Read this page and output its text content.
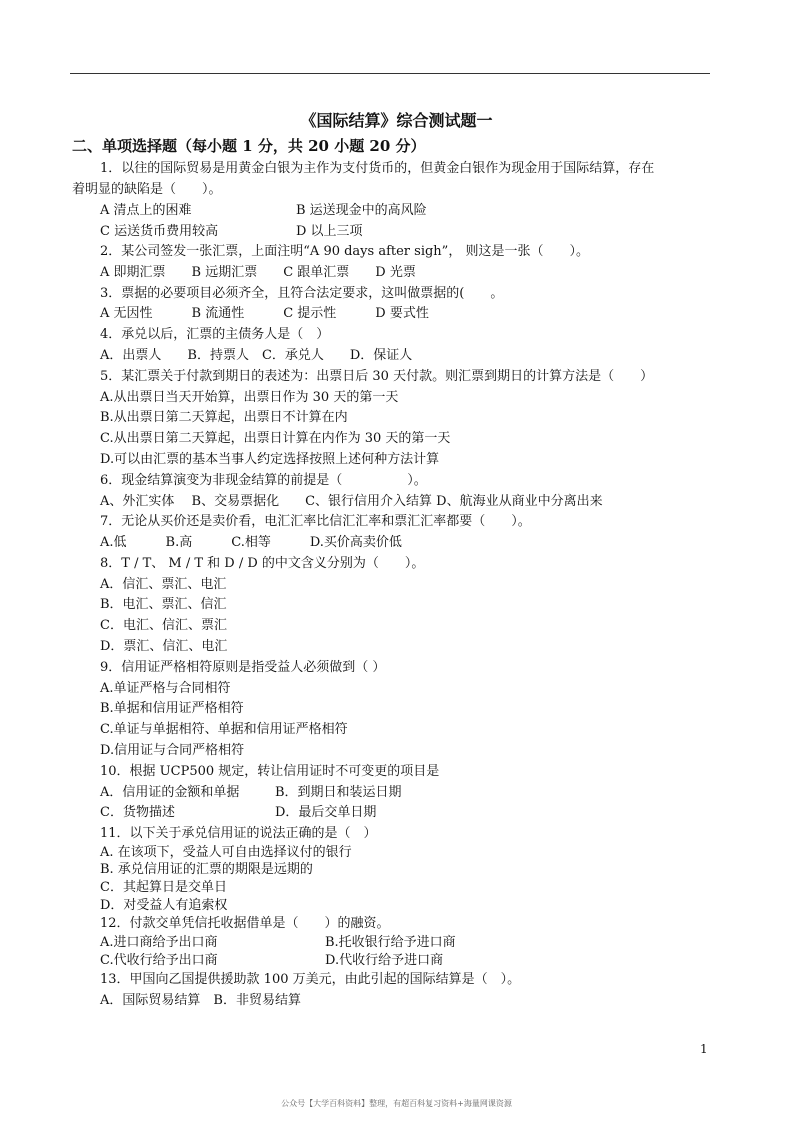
《国际结算》综合测试题一
二、单项选择题（每小题 1 分，共 20 小题 20 分）
1．以往的国际贸易是用黄金白银为主作为支付货币的，但黄金白银作为现金用于国际结算，存在
着明显的缺陷是（　　）。
A 清点上的困难	B 运送现金中的高风险
C 运送货币费用较高	D 以上三项
2．某公司签发一张汇票，上面注明“A 90 days after sigh”， 则这是一张（　　）。
A 即期汇票　　B 远期汇票　　C 跟单汇票　　D 光票
3．票据的必要项目必须齐全，且符合法定要求，这叫做票据的(　　。
A 无因性　　　B 流通性　　　C 提示性　　　D 要式性
4．承兑以后，汇票的主债务人是（　）
A．出票人　　B．持票人　C．承兑人　　D．保证人
5．某汇票关于付款到期日的表述为：出票日后 30 天付款。则汇票到期日的计算方法是（　　）
A.从出票日当天开始算，出票日作为 30 天的第一天
B.从出票日第二天算起，出票日不计算在内
C.从出票日第二天算起，出票日计算在内作为 30 天的第一天
D.可以由汇票的基本当事人约定选择按照上述何种方法计算
6．现金结算演变为非现金结算的前提是（　　　　　）。
A、外汇实体　 B、交易票据化　　C、银行信用介入结算 D、航海业从商业中分离出来
7．无论从买价还是卖价看，电汇汇率比信汇汇率和票汇汇率都要（　　）。
A.低　　　B.高　　　C.相等　　　D.买价高卖价低
8．T / T、 M / T 和 D / D 的中文含义分别为（　　）。
A．信汇、票汇、电汇
B．电汇、票汇、信汇
C．电汇、信汇、票汇
D．票汇、信汇、电汇
9．信用证严格相符原则是指受益人必须做到（ ）
A.单证严格与合同相符
B.单据和信用证严格相符
C.单证与单据相符、单据和信用证严格相符
D.信用证与合同严格相符
10．根据 UCP500 规定，转让信用证时不可变更的项目是
A．信用证的金额和单据	B．到期日和装运日期
C．货物描述	D．最后交单日期
11．以下关于承兑信用证的说法正确的是（　）
A. 在该项下，受益人可自由选择议付的银行
B. 承兑信用证的汇票的期限是远期的
C．其起算日是交单日
D．对受益人有追索权
12．付款交单凭信托收据借单是（　　）的融资。
A.进口商给予出口商	B.托收银行给予进口商
C.代收行给予出口商	D.代收行给予进口商
13．甲国向乙国提供援助款 100 万美元，由此引起的国际结算是（　）。
A．国际贸易结算　B．非贸易结算
1
公众号【大学百科资料】整理，有超百科复习资料+海量网课资源
